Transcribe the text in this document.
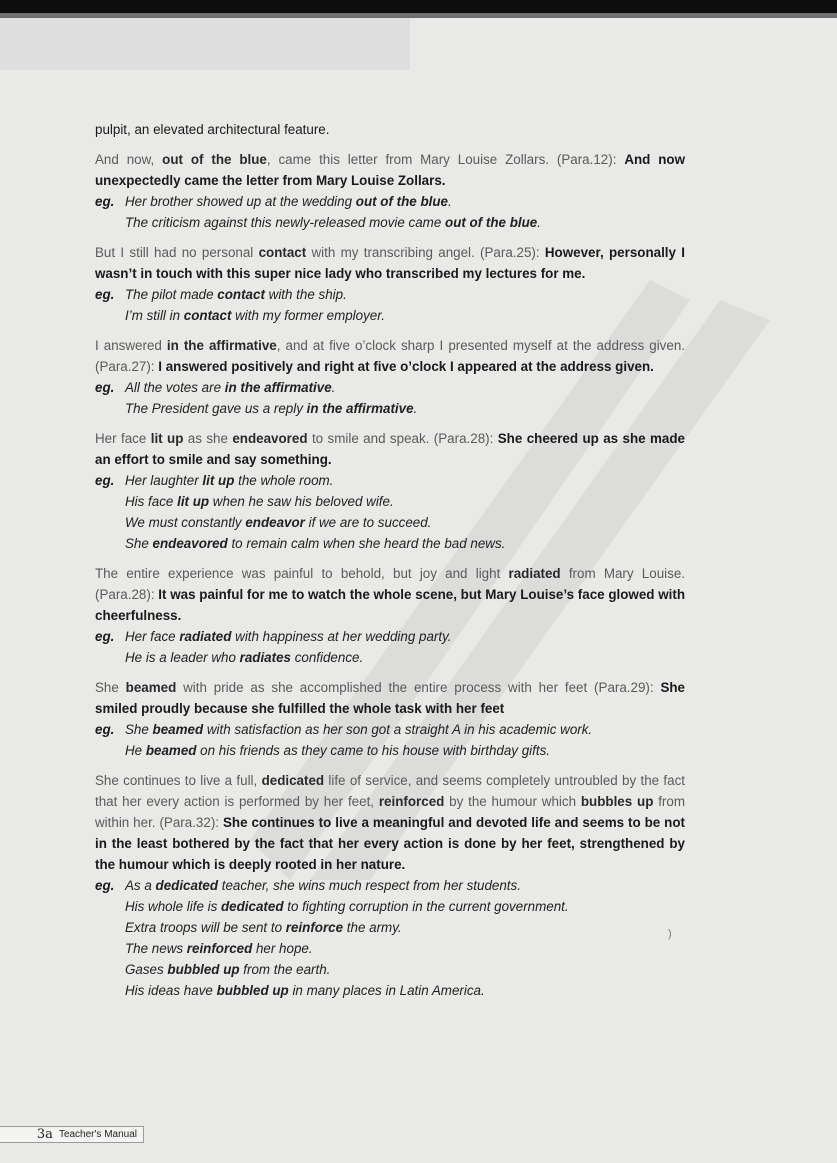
pulpit, an elevated architectural feature.

And now, out of the blue, came this letter from Mary Louise Zollars. (Para.12): And now unexpectedly came the letter from Mary Louise Zollars.

eg. Her brother showed up at the wedding out of the blue.
The criticism against this newly-released movie came out of the blue.

But I still had no personal contact with my transcribing angel. (Para.25): However, personally I wasn’t in touch with this super nice lady who transcribed my lectures for me.

eg. The pilot made contact with the ship.
I’m still in contact with my former employer.

I answered in the affirmative, and at five o’clock sharp I presented myself at the address given. (Para.27): I answered positively and right at five o’clock I appeared at the address given.

eg. All the votes are in the affirmative.
The President gave us a reply in the affirmative.

Her face lit up as she endeavored to smile and speak. (Para.28): She cheered up as she made an effort to smile and say something.

eg. Her laughter lit up the whole room.
His face lit up when he saw his beloved wife.
We must constantly endeavor if we are to succeed.
She endeavored to remain calm when she heard the bad news.

The entire experience was painful to behold, but joy and light radiated from Mary Louise. (Para.28): It was painful for me to watch the whole scene, but Mary Louise’s face glowed with cheerfulness.

eg. Her face radiated with happiness at her wedding party.
He is a leader who radiates confidence.

She beamed with pride as she accomplished the entire process with her feet (Para.29): She smiled proudly because she fulfilled the whole task with her feet

eg. She beamed with satisfaction as her son got a straight A in his academic work.
He beamed on his friends as they came to his house with birthday gifts.

She continues to live a full, dedicated life of service, and seems completely untroubled by the fact that her every action is performed by her feet, reinforced by the humour which bubbles up from within her. (Para.32): She continues to live a meaningful and devoted life and seems to be not in the least bothered by the fact that her every action is done by her feet, strengthened by the humour which is deeply rooted in her nature.

eg. As a dedicated teacher, she wins much respect from her students.
His whole life is dedicated to fighting corruption in the current government.
Extra troops will be sent to reinforce the army.
The news reinforced her hope.
Gases bubbled up from the earth.
His ideas have bubbled up in many places in Latin America.
)
3a Teacher's Manual
